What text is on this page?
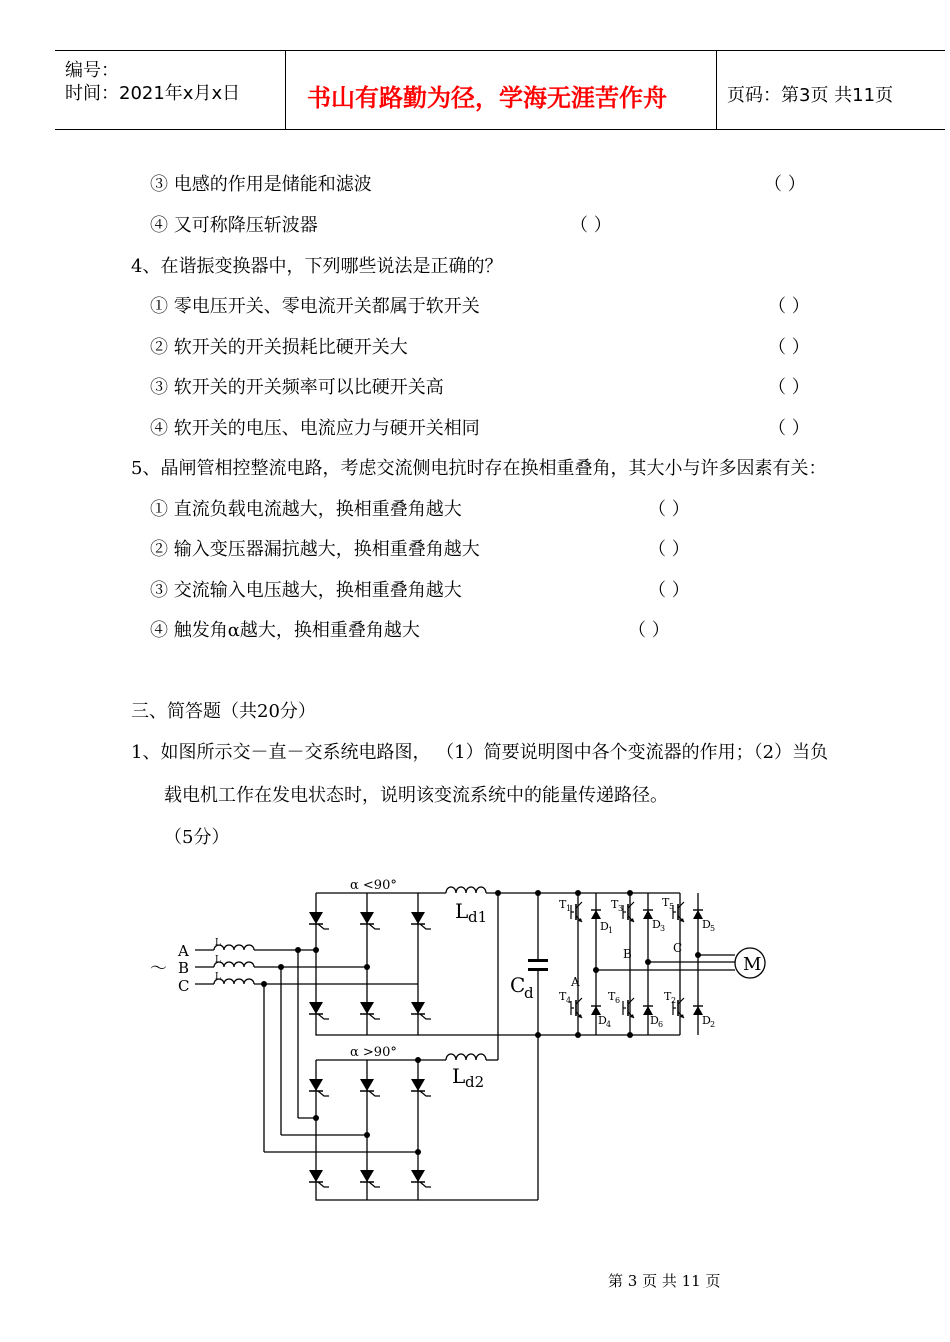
编号：
时间：2021年x月x日	书山有路勤为径，学海无涯苦作舟	页码：第3页 共11页
③ 电感的作用是储能和滤波	（ ）
④ 又可称降压斩波器	（ ）
4、在谐振变换器中，下列哪些说法是正确的？
① 零电压开关、零电流开关都属于软开关	（ ）
② 软开关的开关损耗比硬开关大	（ ）
③ 软开关的开关频率可以比硬开关高	（ ）
④ 软开关的电压、电流应力与硬开关相同	（ ）
5、晶闸管相控整流电路，考虑交流侧电抗时存在换相重叠角，其大小与许多因素有关：
① 直流负载电流越大，换相重叠角越大	（ ）
② 输入变压器漏抗越大，换相重叠角越大	（ ）
③ 交流输入电压越大，换相重叠角越大	（ ）
④ 触发角α越大，换相重叠角越大	（ ）
三、简答题（共20分）
1、如图所示交－直－交系统电路图， （1）简要说明图中各个变流器的作用；（2）当负
载电机工作在发电状态时，说明该变流系统中的能量传递路径。
（5分）
α <90°
α >90°
A
B
C
～
L
L
L
L d1
L d2
C
d
A
B	C
M
T 1	T 3	T 5
T 4	T 6	T 2
D 1	D 3	D 5
D 4	D 6	D 2
第 3 页 共 11 页
